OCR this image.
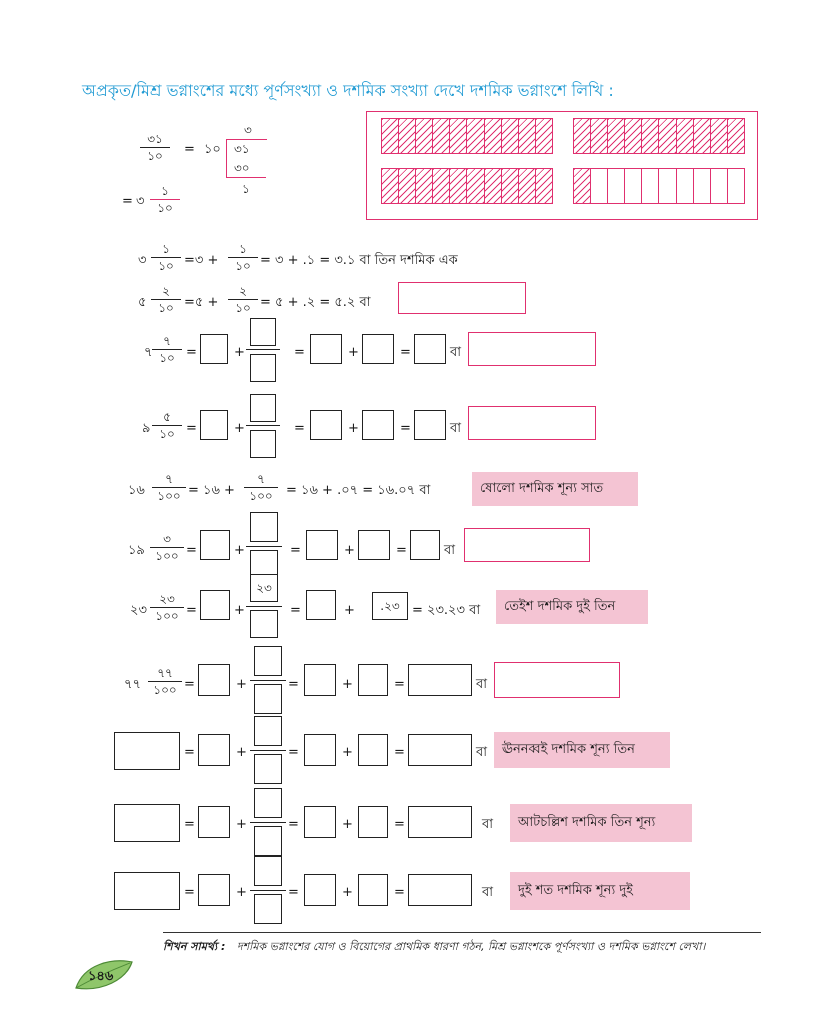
অপ্রকৃত/মিশ্র ভগ্নাংশের মধ্যে পূর্ণসংখ্যা ও দশমিক সংখ্যা দেখে দশমিক ভগ্নাংশে লিখি :
৩১
১০	= ১০
৩
৩১
৩০
১
= ৩
১
১০
৩
১
১০ =৩ +
১
১০ = ৩ + .১ = ৩.১ বা তিন দশমিক এক
৫
২
১০ =৫ +
২
১০ = ৫ + .২ = ৫.২ বা
৭
৭
১০ =	+	=	+	=	বা
৯
৫
১০ =	+	=	+	=	বা
১৬
৭
১০০ = ১৬ +
৭
১০০	= ১৬ + .০৭ = ১৬.০৭ বা	ষোলো দশমিক শূন্য সাত
১৯
৩
১০০ =	+	=	+	=	বা
২৩
২৩
১০০ =	+
২৩
=	+	.২৩ = ২৩.২৩ বা	তেইশ দশমিক দুই তিন
৭৭
৭৭
১০০ =	+	=	+	=	বা
=	+	=	+	=	বা	ঊননব্বই দশমিক শূন্য তিন
=	+	=	+	=	বা	আটচল্লিশ দশমিক তিন শূন্য
=	+	=	+	=	বা	দুই শত দশমিক শূন্য দুই
শিখন সামর্থ্য : দশমিক ভগ্নাংশের যোগ ও বিয়োগের প্রাথমিক ধারণা গঠন, মিশ্র ভগ্নাংশকে পূর্ণসংখ্যা ও দশমিক ভগ্নাংশে লেখা।
১৪৬
